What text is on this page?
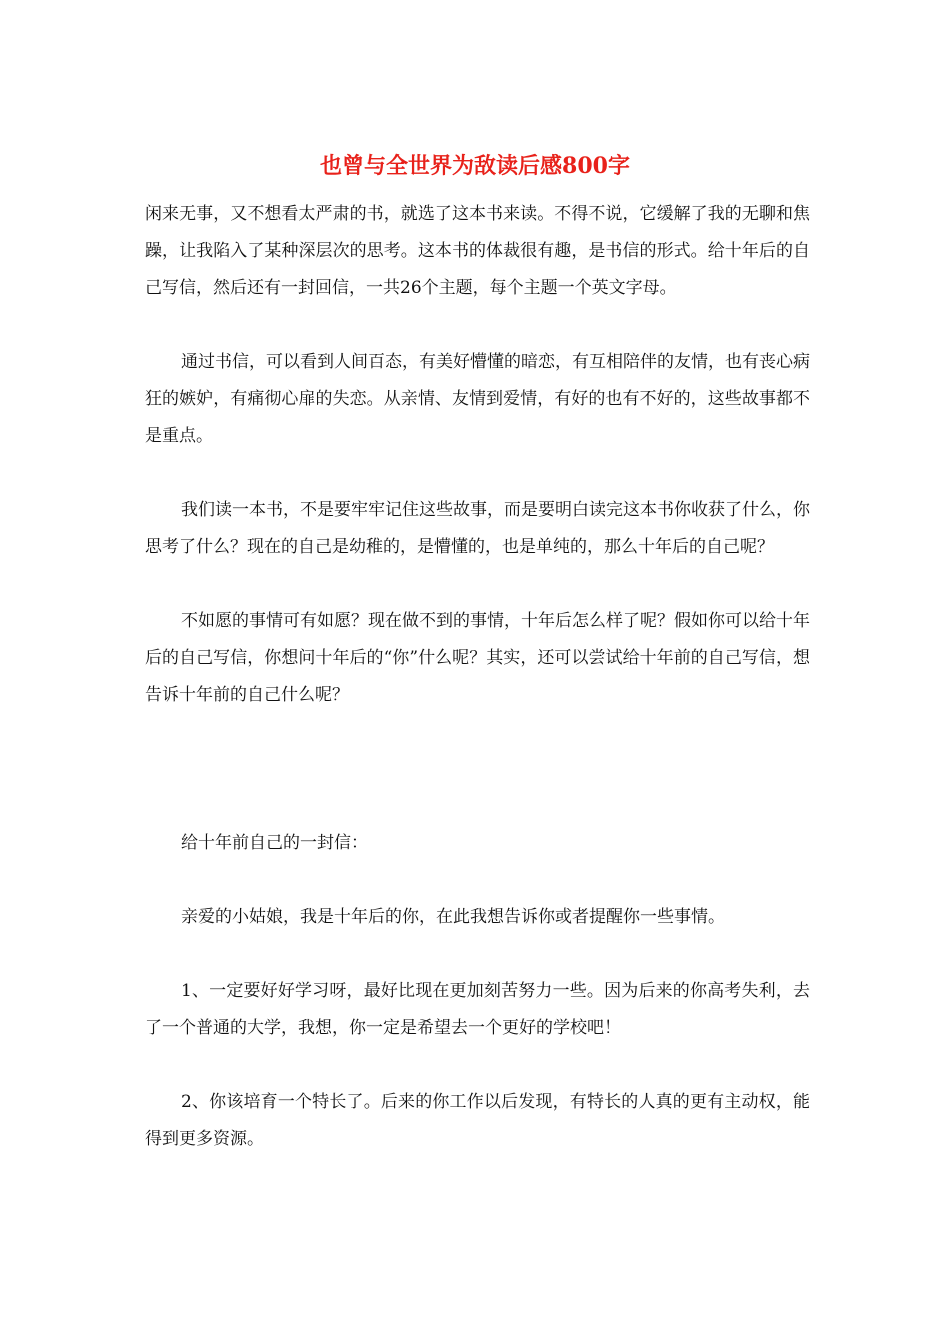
也曾与全世界为敌读后感800字

闲来无事，又不想看太严肃的书，就选了这本书来读。不得不说，它缓解了我的无聊和焦躁，让我陷入了某种深层次的思考。这本书的体裁很有趣，是书信的形式。给十年后的自己写信，然后还有一封回信，一共26个主题，每个主题一个英文字母。

通过书信，可以看到人间百态，有美好懵懂的暗恋，有互相陪伴的友情，也有丧心病狂的嫉妒，有痛彻心扉的失恋。从亲情、友情到爱情，有好的也有不好的，这些故事都不是重点。

我们读一本书，不是要牢牢记住这些故事，而是要明白读完这本书你收获了什么，你思考了什么？现在的自己是幼稚的，是懵懂的，也是单纯的，那么十年后的自己呢？

不如愿的事情可有如愿？现在做不到的事情，十年后怎么样了呢？假如你可以给十年后的自己写信，你想问十年后的“你”什么呢？其实，还可以尝试给十年前的自己写信，想告诉十年前的自己什么呢？

给十年前自己的一封信：

亲爱的小姑娘，我是十年后的你，在此我想告诉你或者提醒你一些事情。

1、一定要好好学习呀，最好比现在更加刻苦努力一些。因为后来的你高考失利，去了一个普通的大学，我想，你一定是希望去一个更好的学校吧！

2、你该培育一个特长了。后来的你工作以后发现，有特长的人真的更有主动权，能得到更多资源。
